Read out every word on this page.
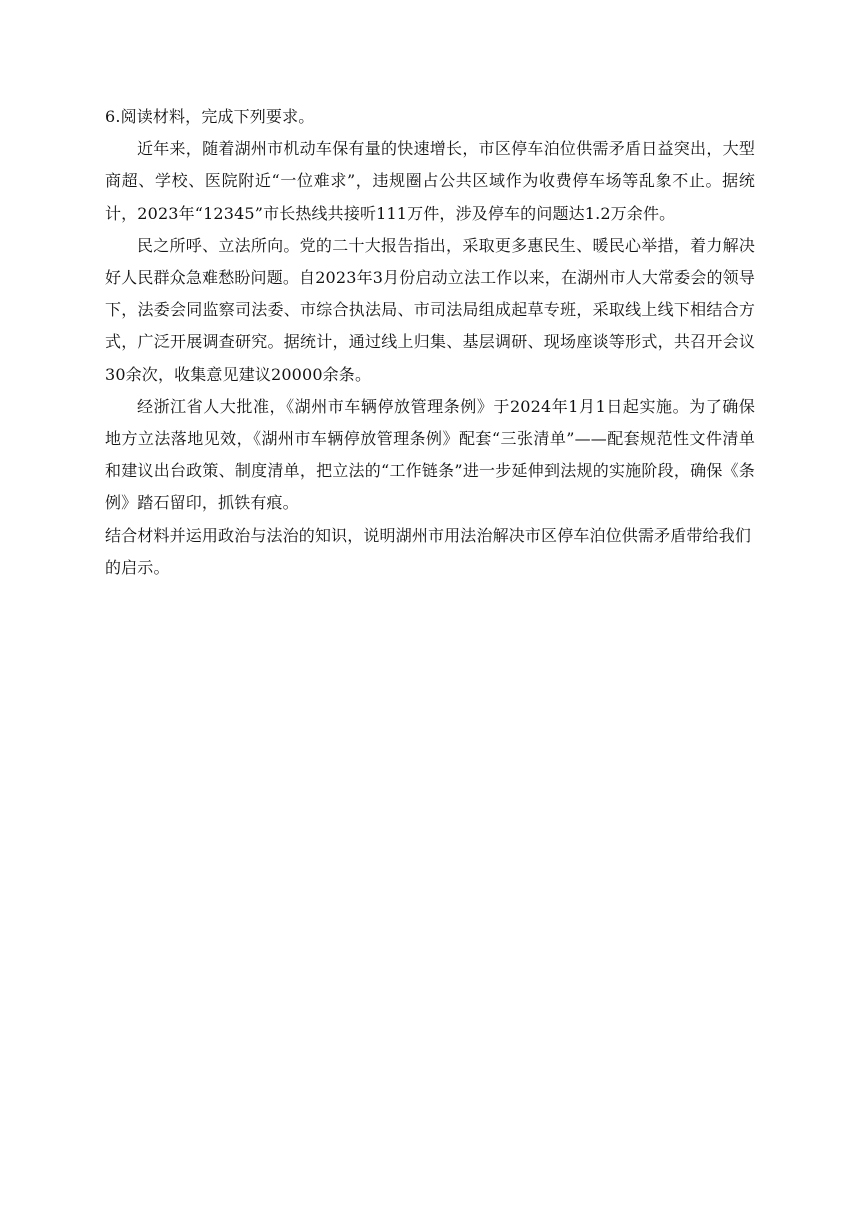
6.阅读材料，完成下列要求。

近年来，随着湖州市机动车保有量的快速增长，市区停车泊位供需矛盾日益突出，大型商超、学校、医院附近“一位难求”，违规圈占公共区域作为收费停车场等乱象不止。据统计，2023年“12345”市长热线共接听111万件，涉及停车的问题达1.2万余件。

民之所呼、立法所向。党的二十大报告指出，采取更多惠民生、暖民心举措，着力解决好人民群众急难愁盼问题。自2023年3月份启动立法工作以来，在湖州市人大常委会的领导下，法委会同监察司法委、市综合执法局、市司法局组成起草专班，采取线上线下相结合方式，广泛开展调查研究。据统计，通过线上归集、基层调研、现场座谈等形式，共召开会议30余次，收集意见建议20000余条。

经浙江省人大批准，《湖州市车辆停放管理条例》于2024年1月1日起实施。为了确保地方立法落地见效，《湖州市车辆停放管理条例》配套“三张清单”——配套规范性文件清单和建议出台政策、制度清单，把立法的“工作链条”进一步延伸到法规的实施阶段，确保《条例》踏石留印，抓铁有痕。

结合材料并运用政治与法治的知识，说明湖州市用法治解决市区停车泊位供需矛盾带给我们的启示。
